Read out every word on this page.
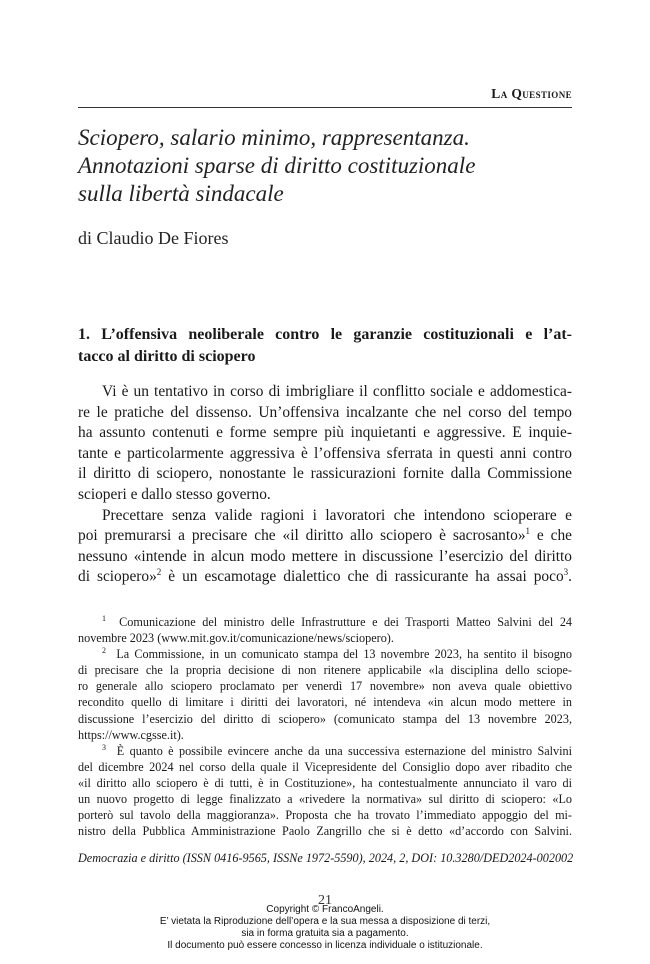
La Questione
Sciopero, salario minimo, rappresentanza.
Annotazioni sparse di diritto costituzionale
sulla libertà sindacale
di Claudio De Fiores
1. L’offensiva neoliberale contro le garanzie costituzionali e l’at-
tacco al diritto di sciopero
Vi è un tentativo in corso di imbrigliare il conflitto sociale e addomestica-
re le pratiche del dissenso. Un’offensiva incalzante che nel corso del tempo
ha assunto contenuti e forme sempre più inquietanti e aggressive. E inquie-
tante e particolarmente aggressiva è l’offensiva sferrata in questi anni contro
il diritto di sciopero, nonostante le rassicurazioni fornite dalla Commissione
scioperi e dallo stesso governo.
Precettare senza valide ragioni i lavoratori che intendono scioperare e
poi premurarsi a precisare che «il diritto allo sciopero è sacrosanto»$^1$ e che
nessuno «intende in alcun modo mettere in discussione l’esercizio del diritto
di sciopero»$^2$ è un escamotage dialettico che di rassicurante ha assai poco$^3$.
$^1$ Comunicazione del ministro delle Infrastrutture e dei Trasporti Matteo Salvini del 24
novembre 2023 (www.mit.gov.it/comunicazione/news/sciopero).
$^2$ La Commissione, in un comunicato stampa del 13 novembre 2023, ha sentito il bisogno
di precisare che la propria decisione di non ritenere applicabile «la disciplina dello sciope-
ro generale allo sciopero proclamato per venerdì 17 novembre» non aveva quale obiettivo
recondito quello di limitare i diritti dei lavoratori, né intendeva «in alcun modo mettere in
discussione l’esercizio del diritto di sciopero» (comunicato stampa del 13 novembre 2023,
https://www.cgsse.it).
$^3$ È quanto è possibile evincere anche da una successiva esternazione del ministro Salvini
del dicembre 2024 nel corso della quale il Vicepresidente del Consiglio dopo aver ribadito che
«il diritto allo sciopero è di tutti, è in Costituzione», ha contestualmente annunciato il varo di
un nuovo progetto di legge finalizzato a «rivedere la normativa» sul diritto di sciopero: «Lo
porterò sul tavolo della maggioranza». Proposta che ha trovato l’immediato appoggio del mi-
nistro della Pubblica Amministrazione Paolo Zangrillo che si è detto «d’accordo con Salvini.
Democrazia e diritto (ISSN 0416-9565, ISSNe 1972-5590), 2024, 2, DOI: 10.3280/DED2024-002002
21
Copyright © FrancoAngeli.
E’ vietata la Riproduzione dell’opera e la sua messa a disposizione di terzi,
sia in forma gratuita sia a pagamento.
Il documento può essere concesso in licenza individuale o istituzionale.
